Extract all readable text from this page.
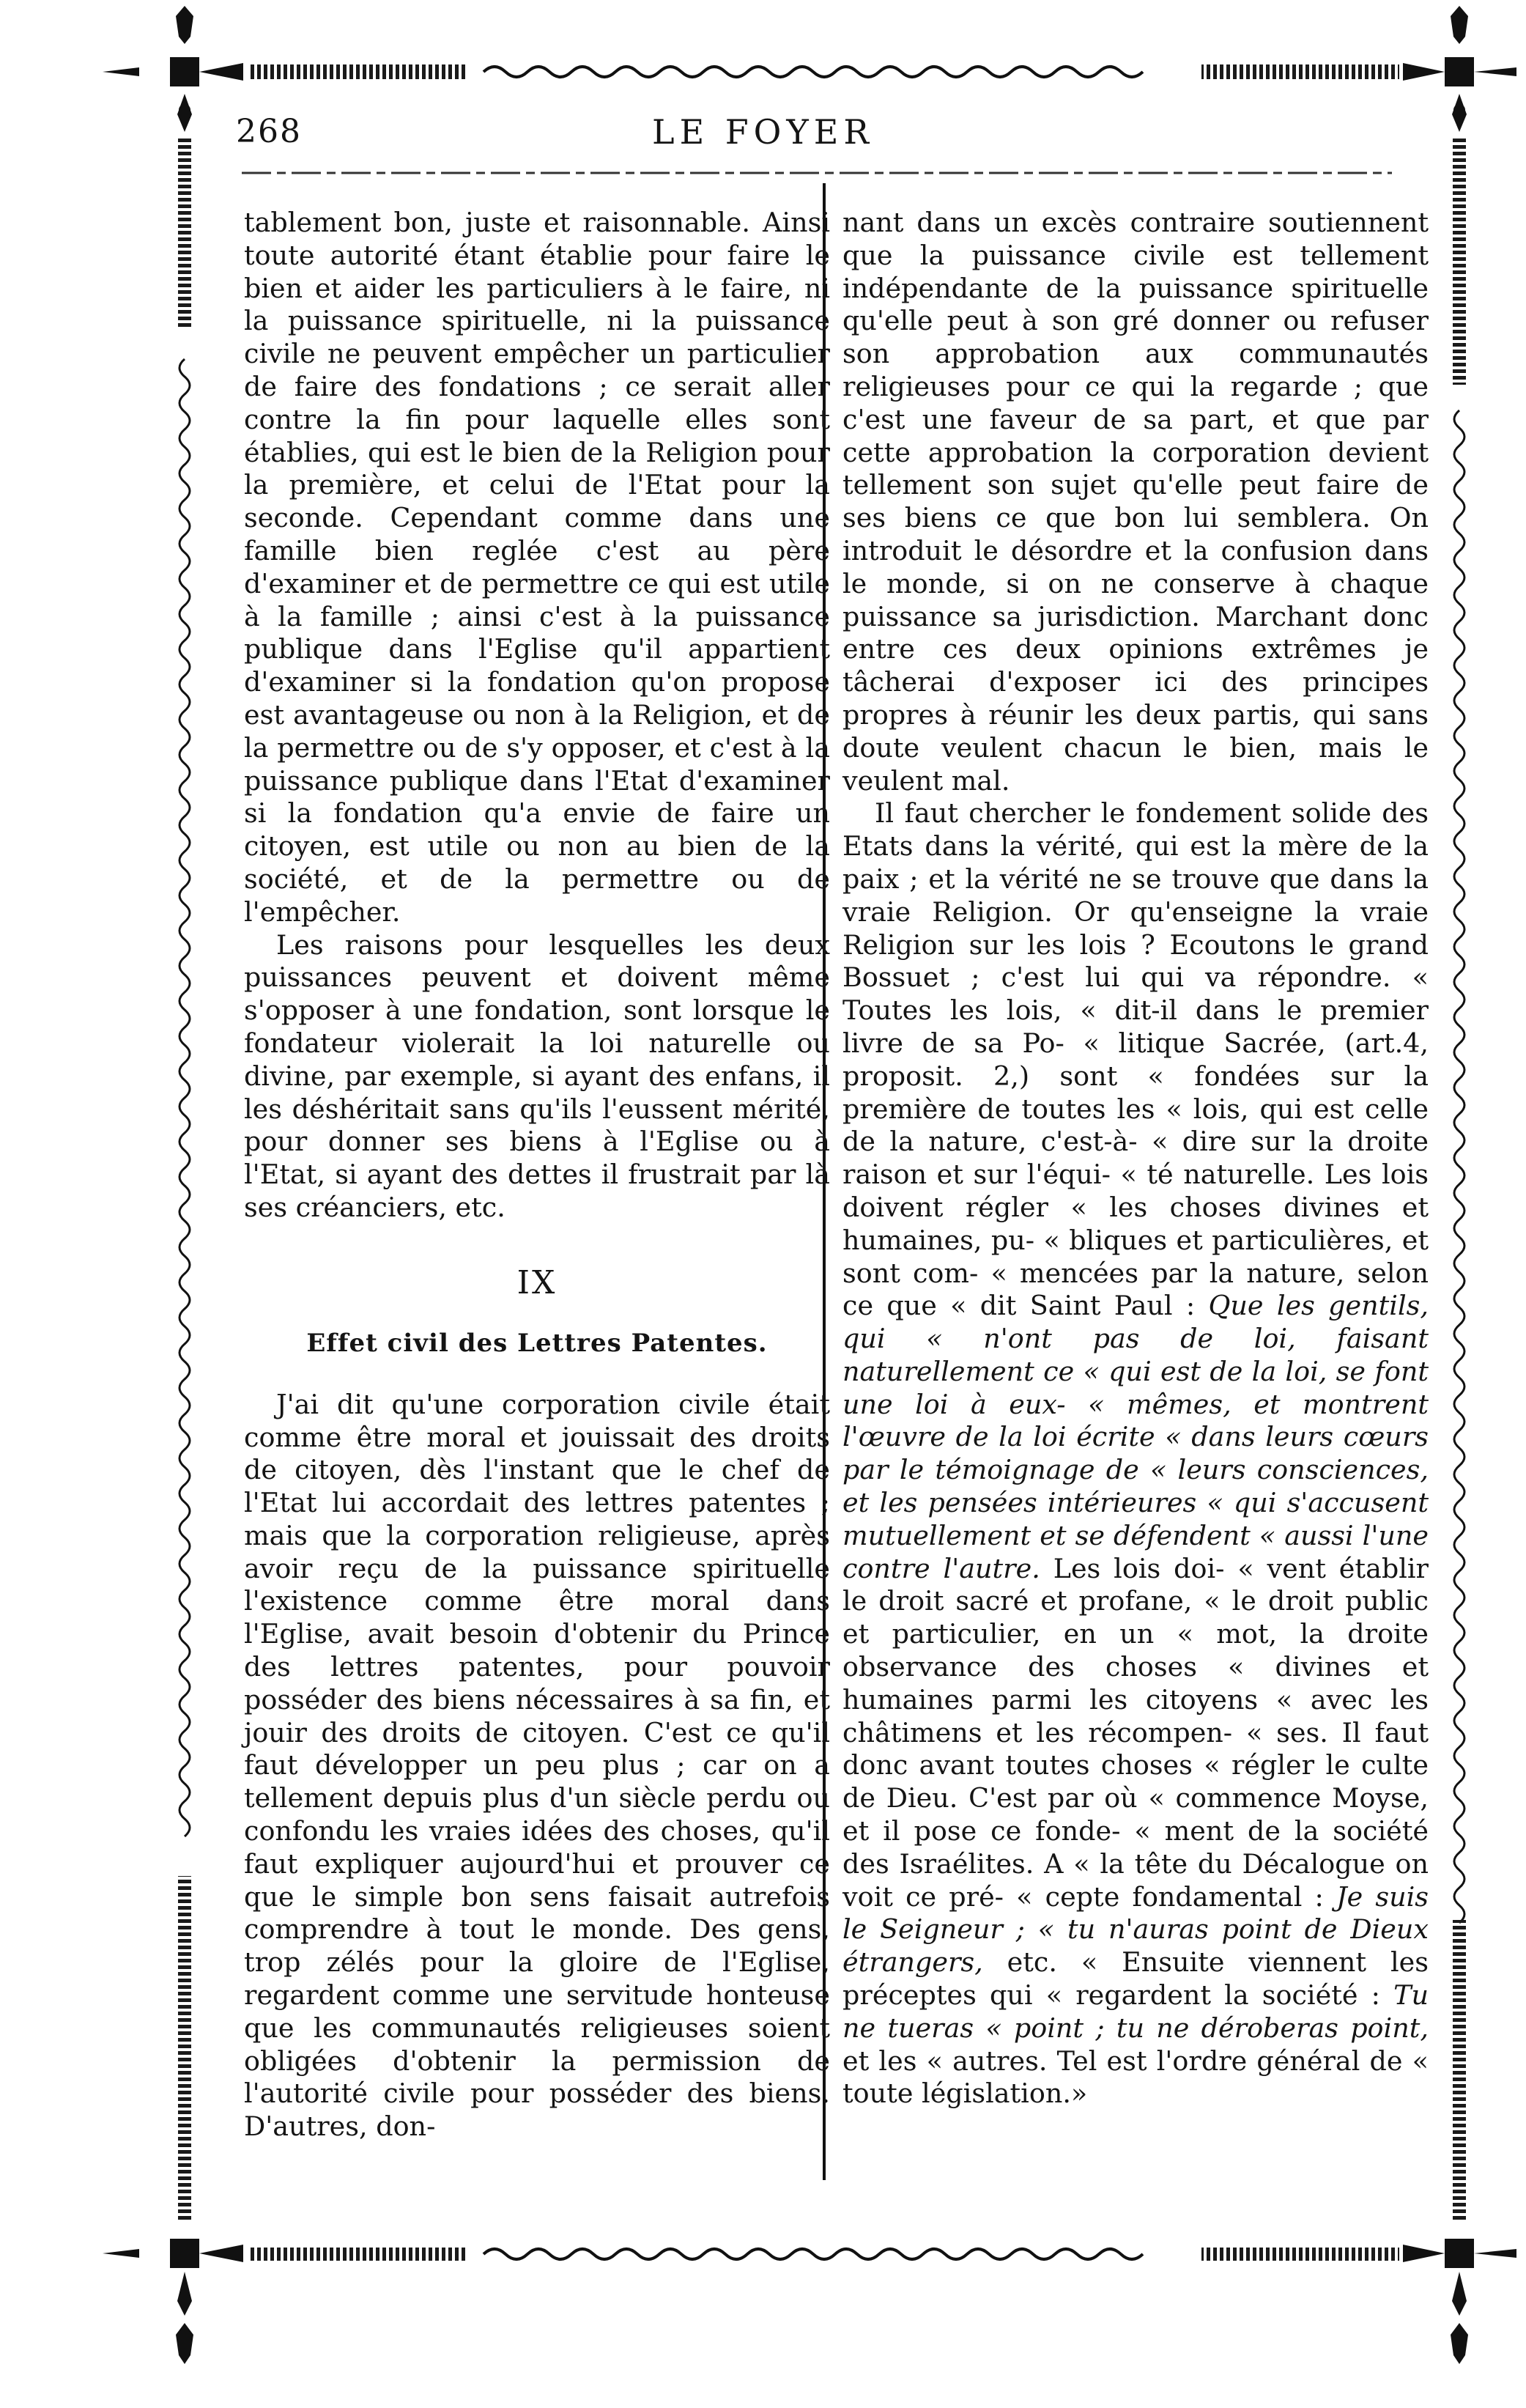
268	LE FOYER

tablement bon, juste et raisonnable. Ainsi toute autorité étant établie pour faire le bien et aider les particuliers à le faire, ni la puissance spirituelle, ni la puissance civile ne peuvent empêcher un particulier de faire des fondations ; ce serait aller contre la fin pour laquelle elles sont établies, qui est le bien de la Religion pour la première, et celui de l'Etat pour la seconde. Cependant comme dans une famille bien reglée c'est au père d'examiner et de permettre ce qui est utile à la famille ; ainsi c'est à la puissance publique dans l'Eglise qu'il appartient d'examiner si la fondation qu'on propose est avantageuse ou non à la Religion, et de la permettre ou de s'y opposer, et c'est à la puissance publique dans l'Etat d'examiner si la fondation qu'a envie de faire un citoyen, est utile ou non au bien de la société, et de la permettre ou de l'empêcher.

Les raisons pour lesquelles les deux puissances peuvent et doivent même s'opposer à une fondation, sont lorsque le fondateur violerait la loi naturelle ou divine, par exemple, si ayant des enfans, il les déshéritait sans qu'ils l'eussent mérité, pour donner ses biens à l'Eglise ou à l'Etat, si ayant des dettes il frustrait par là ses créanciers, etc.

IX
Effet civil des Lettres Patentes.

J'ai dit qu'une corporation civile était comme être moral et jouissait des droits de citoyen, dès l'instant que le chef de l'Etat lui accordait des lettres patentes ; mais que la corporation religieuse, après avoir reçu de la puissance spirituelle l'existence comme être moral dans l'Eglise, avait besoin d'obtenir du Prince des lettres patentes, pour pouvoir posséder des biens nécessaires à sa fin, et jouir des droits de citoyen. C'est ce qu'il faut développer un peu plus ; car on a tellement depuis plus d'un siècle perdu ou confondu les vraies idées des choses, qu'il faut expliquer aujourd'hui et prouver ce que le simple bon sens faisait autrefois comprendre à tout le monde. Des gens, trop zélés pour la gloire de l'Eglise, regardent comme une servitude honteuse que les communautés religieuses soient obligées d'obtenir la permission de l'autorité civile pour posséder des biens. D'autres, don-

nant dans un excès contraire soutiennent que la puissance civile est tellement indépendante de la puissance spirituelle qu'elle peut à son gré donner ou refuser son approbation aux communautés religieuses pour ce qui la regarde ; que c'est une faveur de sa part, et que par cette approbation la corporation devient tellement son sujet qu'elle peut faire de ses biens ce que bon lui semblera. On introduit le désordre et la confusion dans le monde, si on ne conserve à chaque puissance sa jurisdiction. Marchant donc entre ces deux opinions extrêmes je tâcherai d'exposer ici des principes propres à réunir les deux partis, qui sans doute veulent chacun le bien, mais le veulent mal.

Il faut chercher le fondement solide des Etats dans la vérité, qui est la mère de la paix ; et la vérité ne se trouve que dans la vraie Religion. Or qu'enseigne la vraie Religion sur les lois ? Ecoutons le grand Bossuet ; c'est lui qui va répondre. « Toutes les lois, « dit-il dans le premier livre de sa Po- « litique Sacrée, (art.4, proposit. 2,) sont « fondées sur la première de toutes les « lois, qui est celle de la nature, c'est-à- « dire sur la droite raison et sur l'équi- « té naturelle. Les lois doivent régler « les choses divines et humaines, pu- « bliques et particulières, et sont com- « mencées par la nature, selon ce que « dit Saint Paul : Que les gentils, qui « n'ont pas de loi, faisant naturellement ce « qui est de la loi, se font une loi à eux- « mêmes, et montrent l'œuvre de la loi écrite « dans leurs cœurs par le témoignage de « leurs consciences, et les pensées intérieures « qui s'accusent mutuellement et se défendent « aussi l'une contre l'autre. Les lois doi- « vent établir le droit sacré et profane, « le droit public et particulier, en un « mot, la droite observance des choses « divines et humaines parmi les citoyens « avec les châtimens et les récompen- « ses. Il faut donc avant toutes choses « régler le culte de Dieu. C'est par où « commence Moyse, et il pose ce fonde- « ment de la société des Israélites. A « la tête du Décalogue on voit ce pré- « cepte fondamental : Je suis le Seigneur ; « tu n'auras point de Dieux étrangers, etc. « Ensuite viennent les préceptes qui « regardent la société : Tu ne tueras « point ; tu ne déroberas point, et les « autres. Tel est l'ordre général de « toute législation.»
